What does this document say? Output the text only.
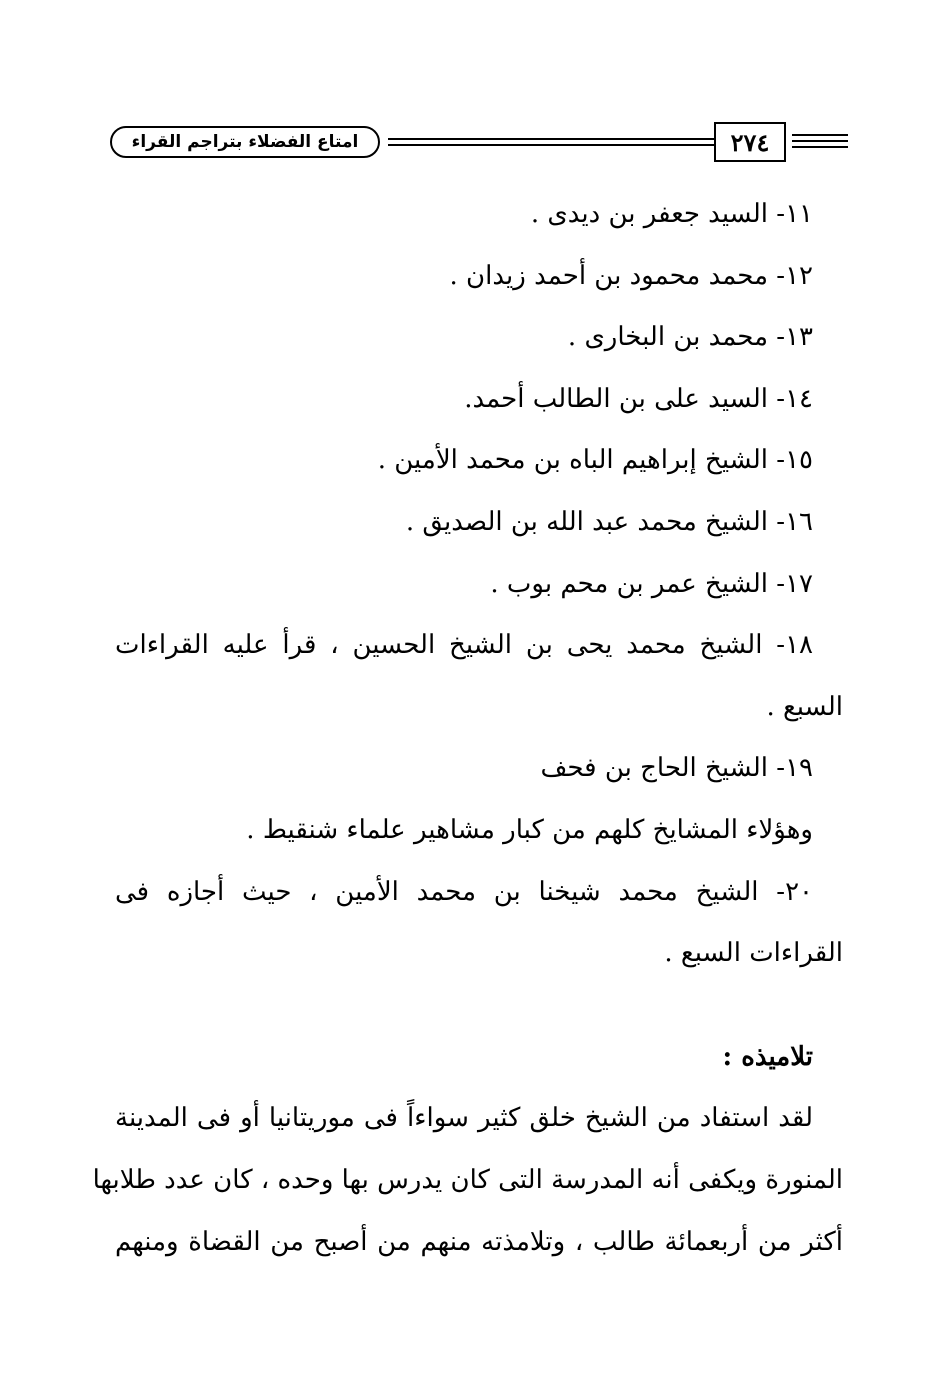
امتاع الفضلاء بتراجم القراء	٢٧٤
١١- السيد جعفر بن ديدى .
١٢- محمد محمود بن أحمد زيدان .
١٣- محمد بن البخارى .
١٤- السيد على بن الطالب أحمد.
١٥- الشيخ إبراهيم الباه بن محمد الأمين .
١٦- الشيخ محمد عبد الله بن الصديق .
١٧- الشيخ عمر بن محم بوب .
١٨- الشيخ محمد يحى بن الشيخ الحسين ، قرأ عليه القراءات
السبع .
١٩- الشيخ الحاج بن فحف
وهؤلاء المشايخ كلهم من كبار مشاهير علماء شنقيط .
٢٠- الشيخ محمد شيخنا بن محمد الأمين ، حيث أجازه فى
القراءات السبع .
تلاميذه :
لقد استفاد من الشيخ خلق كثير سواءاً فى موريتانيا أو فى المدينة
المنورة ويكفى أنه المدرسة التى كان يدرس بها وحده ، كان عدد طلابها
أكثر من أربعمائة طالب ، وتلامذته منهم من أصبح من القضاة ومنهم
